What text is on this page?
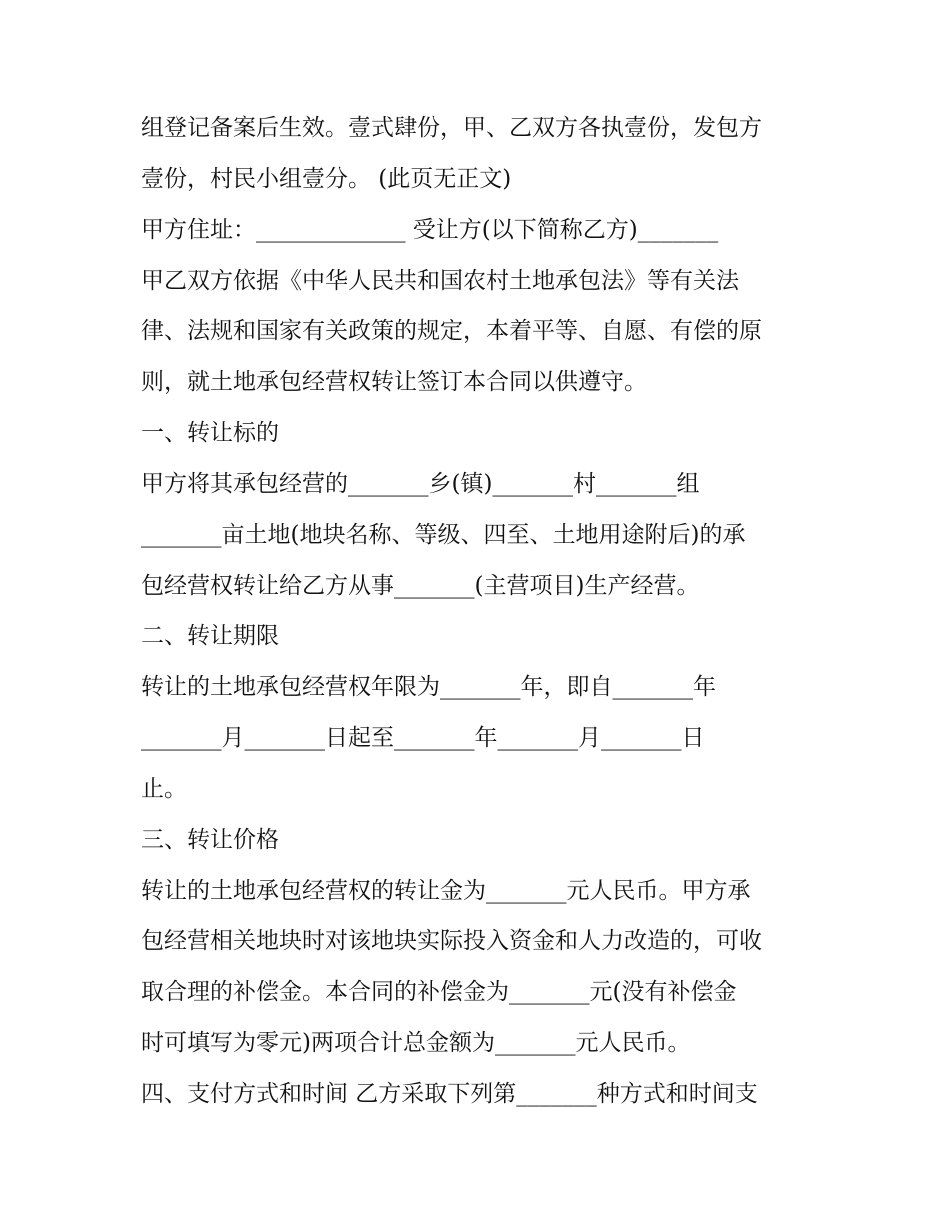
组登记备案后生效。壹式肆份，甲、乙双方各执壹份，发包方
壹份，村民小组壹分。 (此页无正文)
甲方住址：_____________ 受让方(以下简称乙方)_______
甲乙双方依据《中华人民共和国农村土地承包法》等有关法
律、法规和国家有关政策的规定，本着平等、自愿、有偿的原
则，就土地承包经营权转让签订本合同以供遵守。
一、转让标的
甲方将其承包经营的_______乡(镇)_______村_______组
_______亩土地(地块名称、等级、四至、土地用途附后)的承
包经营权转让给乙方从事_______(主营项目)生产经营。
二、转让期限
转让的土地承包经营权年限为_______年，即自_______年
_______月_______日起至_______年_______月_______日
止。
三、转让价格
转让的土地承包经营权的转让金为_______元人民币。甲方承
包经营相关地块时对该地块实际投入资金和人力改造的，可收
取合理的补偿金。本合同的补偿金为_______元(没有补偿金
时可填写为零元)两项合计总金额为_______元人民币。
四、支付方式和时间 乙方采取下列第_______种方式和时间支
